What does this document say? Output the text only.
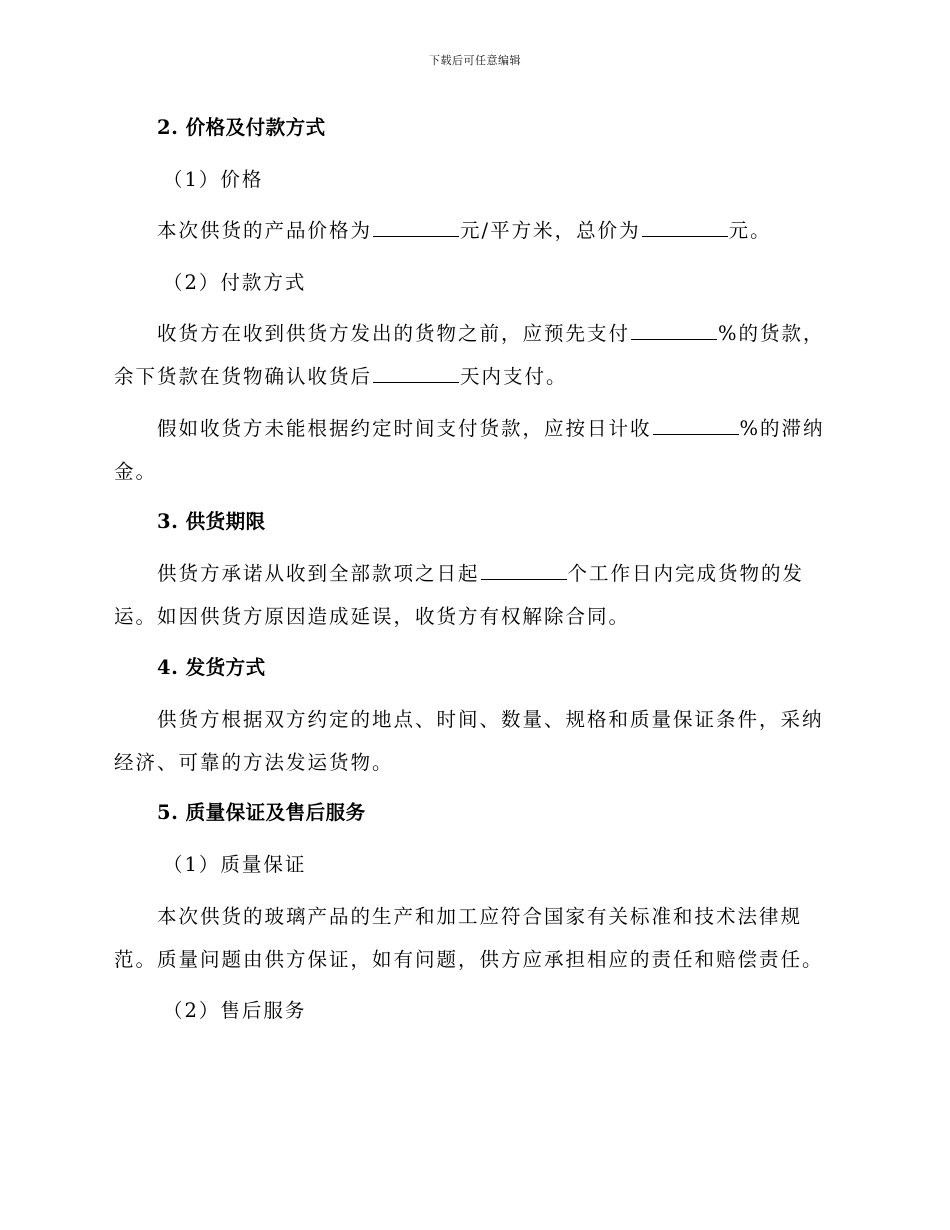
下载后可任意编辑
2. 价格及付款方式
（1）价格
本次供货的产品价格为	元/平方米，总价为	元。
（2）付款方式
收货方在收到供货方发出的货物之前，应预先支付	%的货款，
余下货款在货物确认收货后	天内支付。
假如收货方未能根据约定时间支付货款，应按日计收	%的滞纳
金。
3. 供货期限
供货方承诺从收到全部款项之日起	个工作日内完成货物的发
运。如因供货方原因造成延误，收货方有权解除合同。
4. 发货方式
供货方根据双方约定的地点、时间、数量、规格和质量保证条件，采纳
经济、可靠的方法发运货物。
5. 质量保证及售后服务
（1）质量保证
本次供货的玻璃产品的生产和加工应符合国家有关标准和技术法律规
范。质量问题由供方保证，如有问题，供方应承担相应的责任和赔偿责任。
（2）售后服务
